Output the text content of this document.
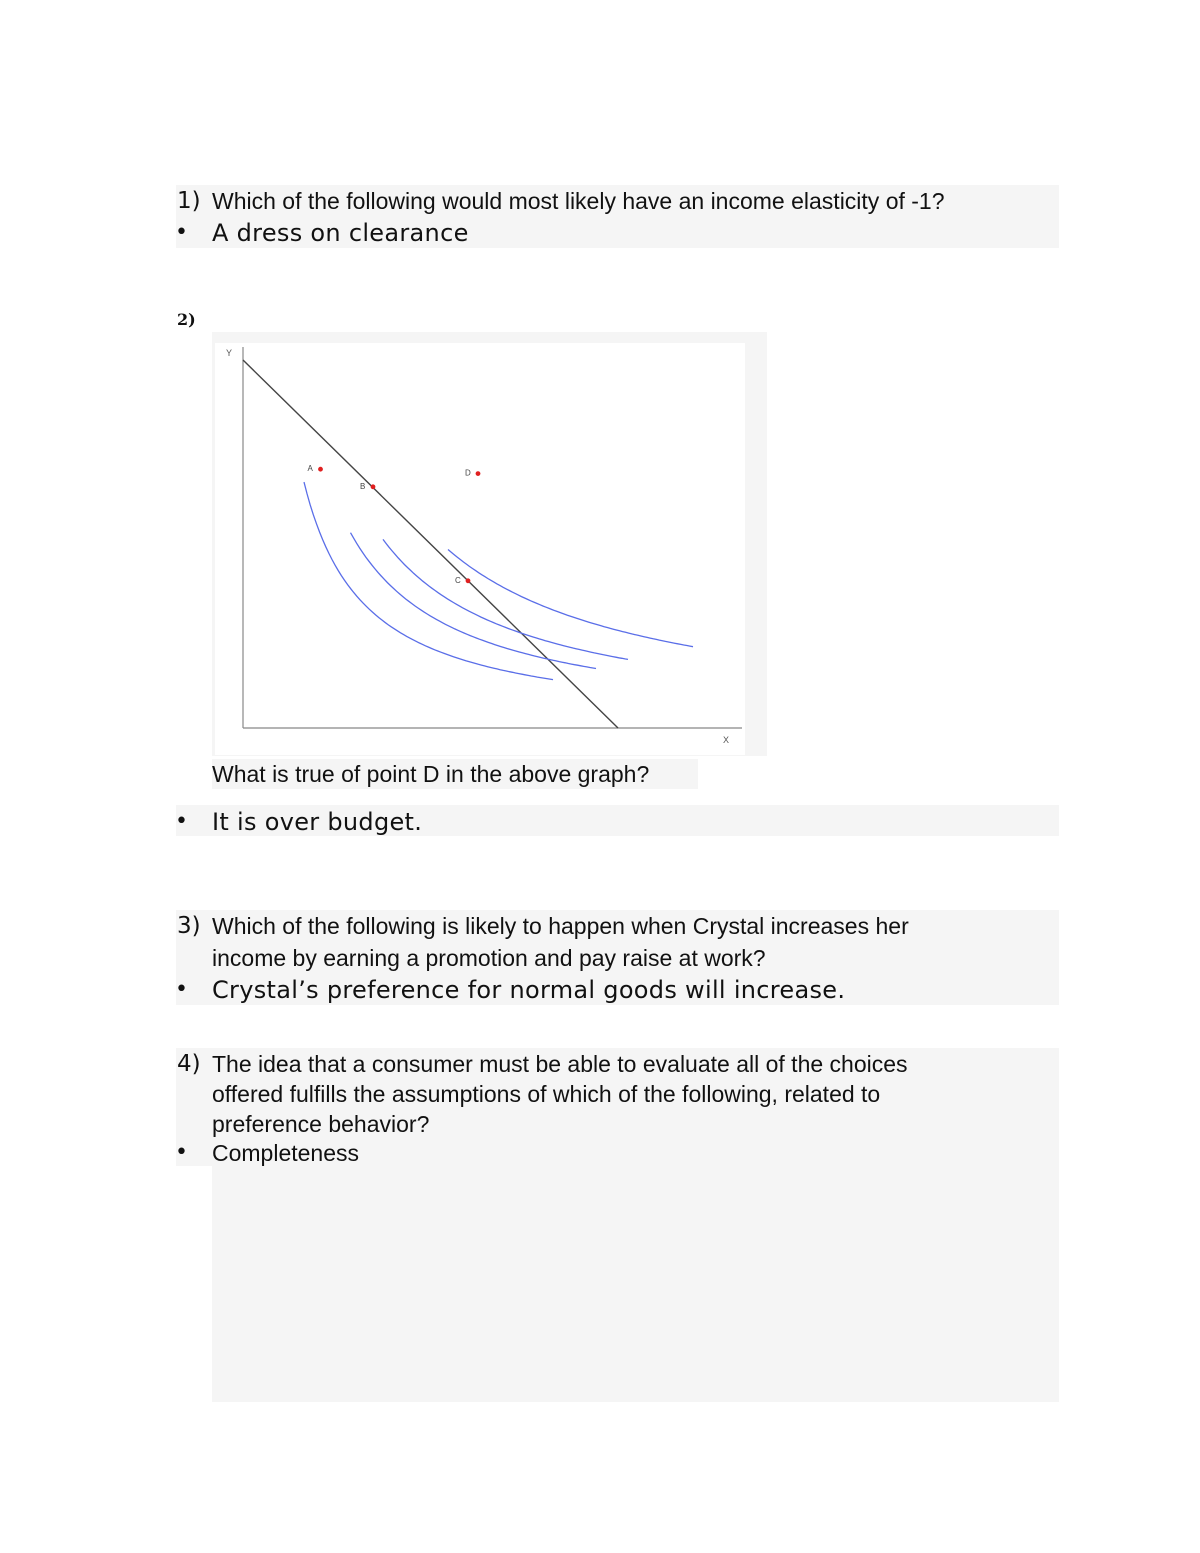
1) Which of the following would most likely have an income elasticity of -1?
• A dress on clearance
2)
Y
X
A
B
C
D
What is true of point D in the above graph?
• It is over budget.
3) Which of the following is likely to happen when Crystal increases her
income by earning a promotion and pay raise at work?
• Crystal’s preference for normal goods will increase.
4) The idea that a consumer must be able to evaluate all of the choices
offered fulfills the assumptions of which of the following, related to
preference behavior?
• Completeness
